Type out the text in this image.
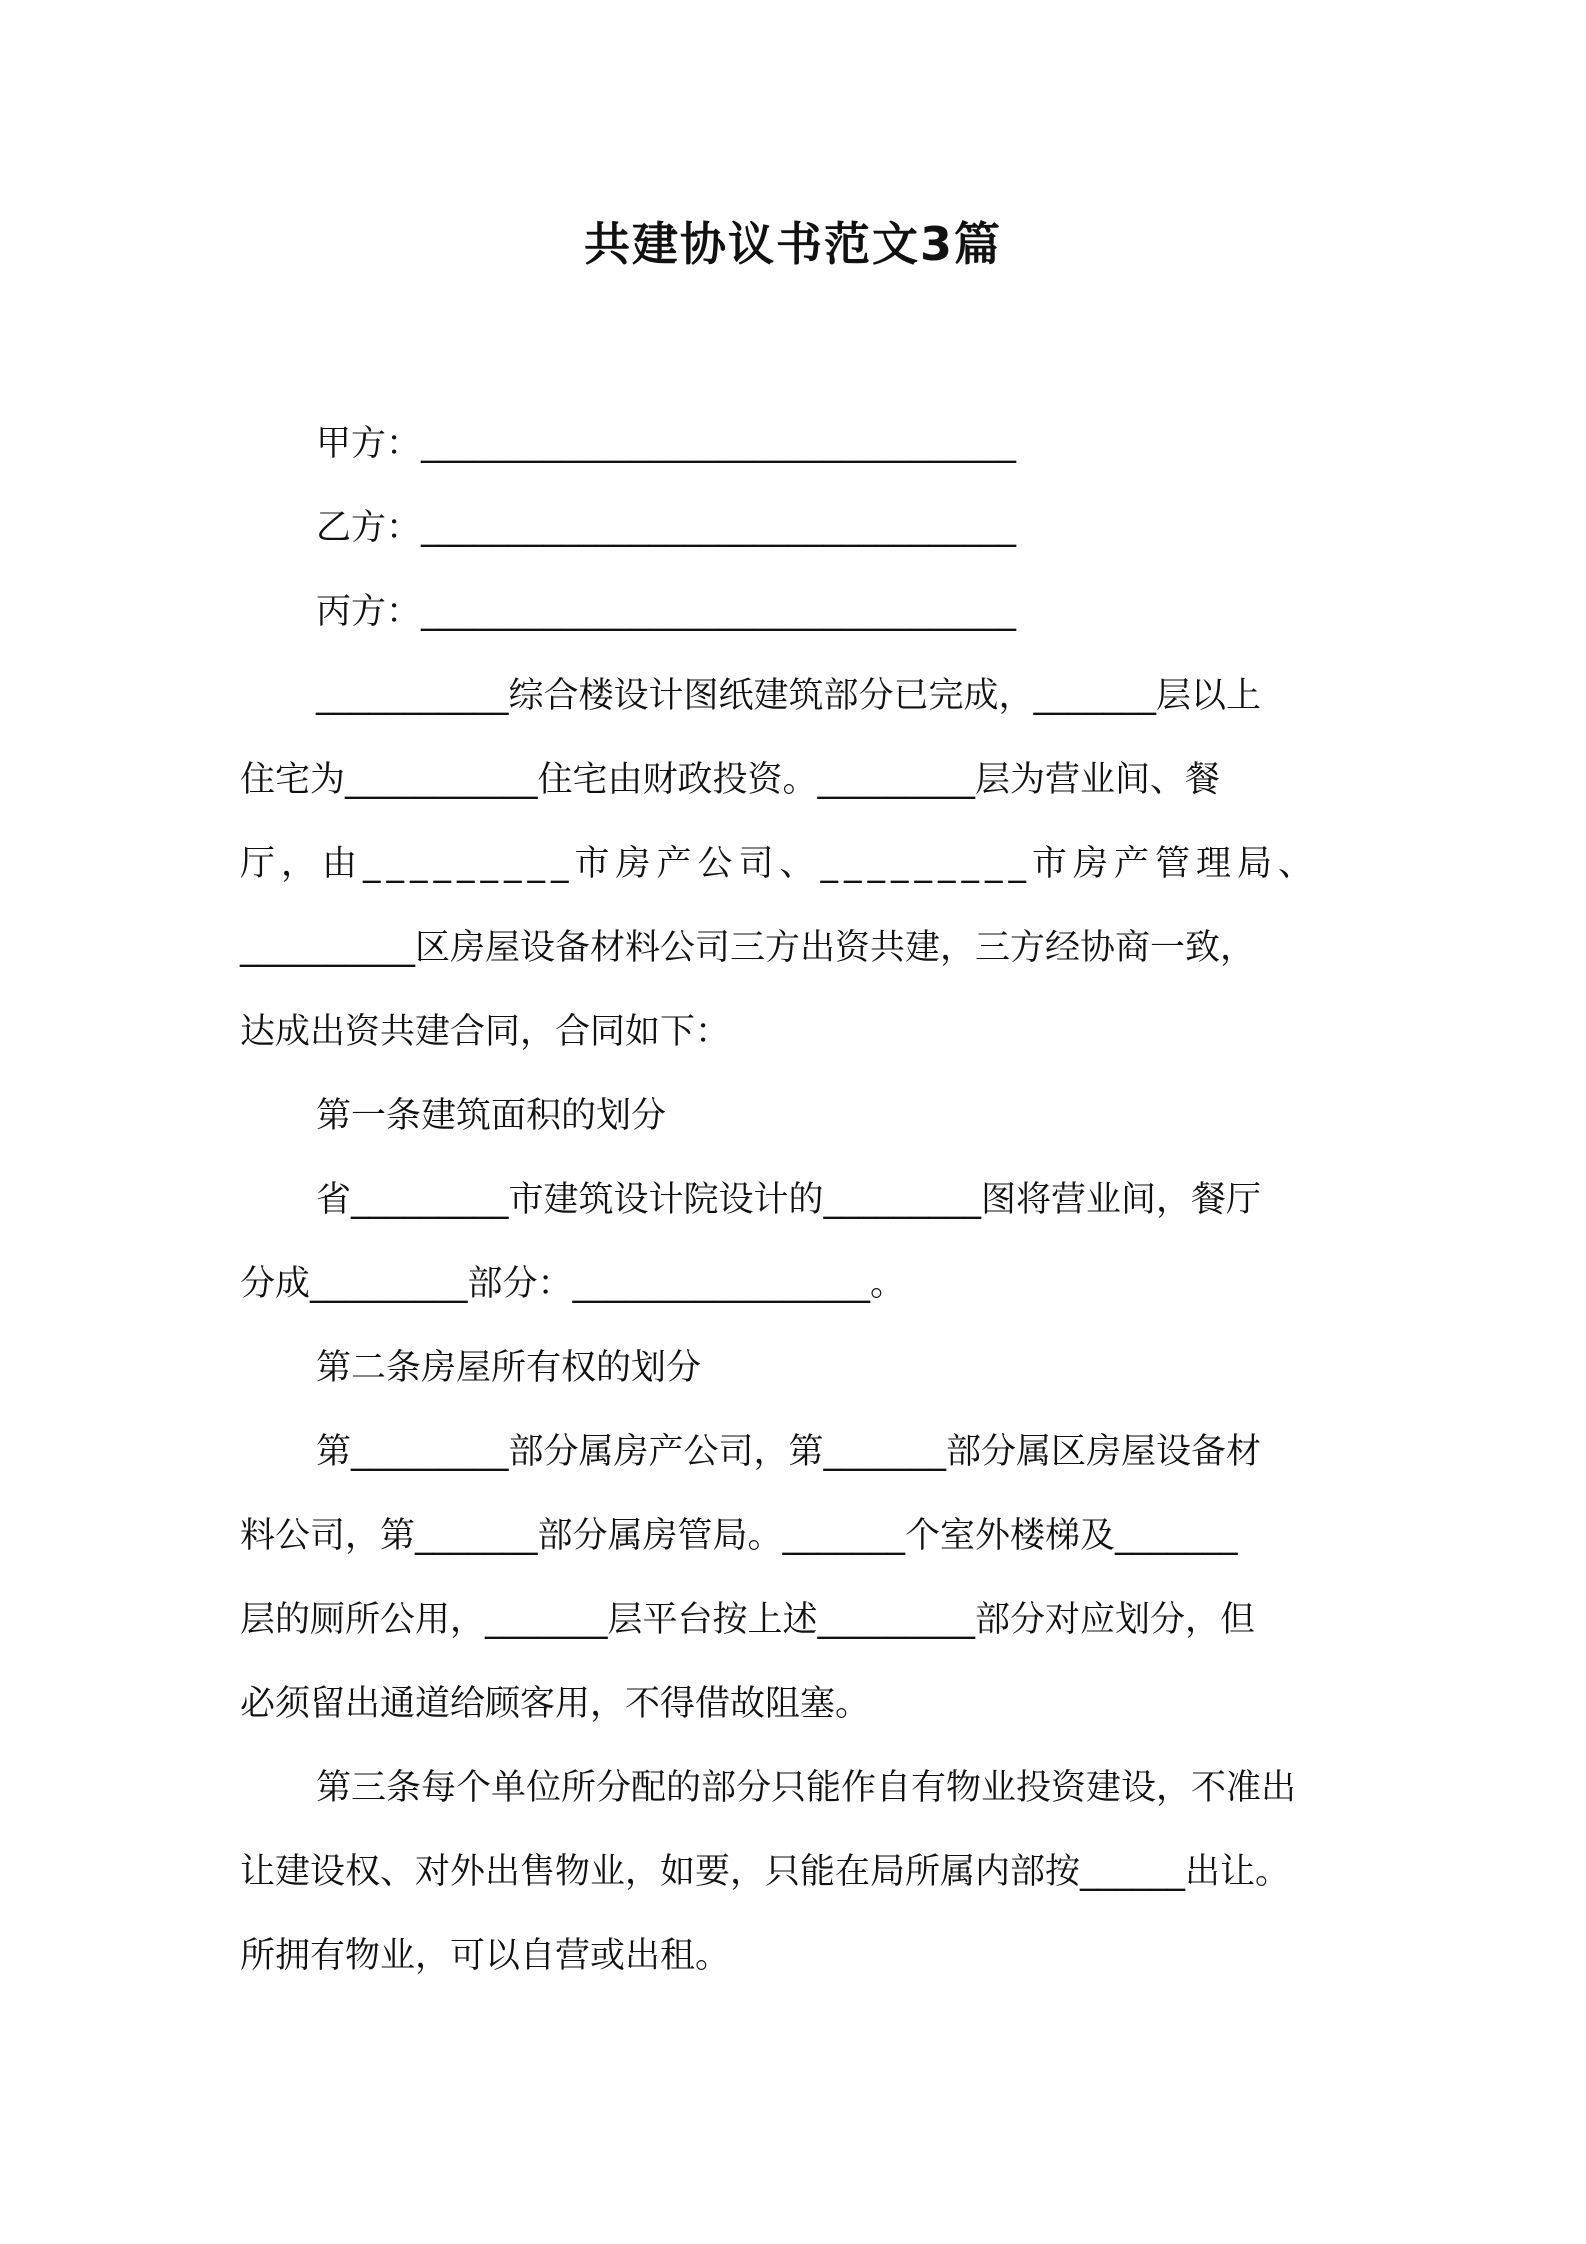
共建协议书范文3篇
甲方：__________________________________
乙方：__________________________________
丙方：__________________________________
___________综合楼设计图纸建筑部分已完成，_______层以上
住宅为___________住宅由财政投资。_________层为营业间、餐
厅，由_________市房产公司、_________市房产管理局、
__________区房屋设备材料公司三方出资共建，三方经协商一致，
达成出资共建合同，合同如下：
第一条建筑面积的划分
省_________市建筑设计院设计的_________图将营业间，餐厅
分成_________部分：_________________。
第二条房屋所有权的划分
第_________部分属房产公司，第_______部分属区房屋设备材
料公司，第_______部分属房管局。_______个室外楼梯及_______
层的厕所公用，_______层平台按上述_________部分对应划分，但
必须留出通道给顾客用，不得借故阻塞。
第三条每个单位所分配的部分只能作自有物业投资建设，不准出
让建设权、对外出售物业，如要，只能在局所属内部按______出让。
所拥有物业，可以自营或出租。
